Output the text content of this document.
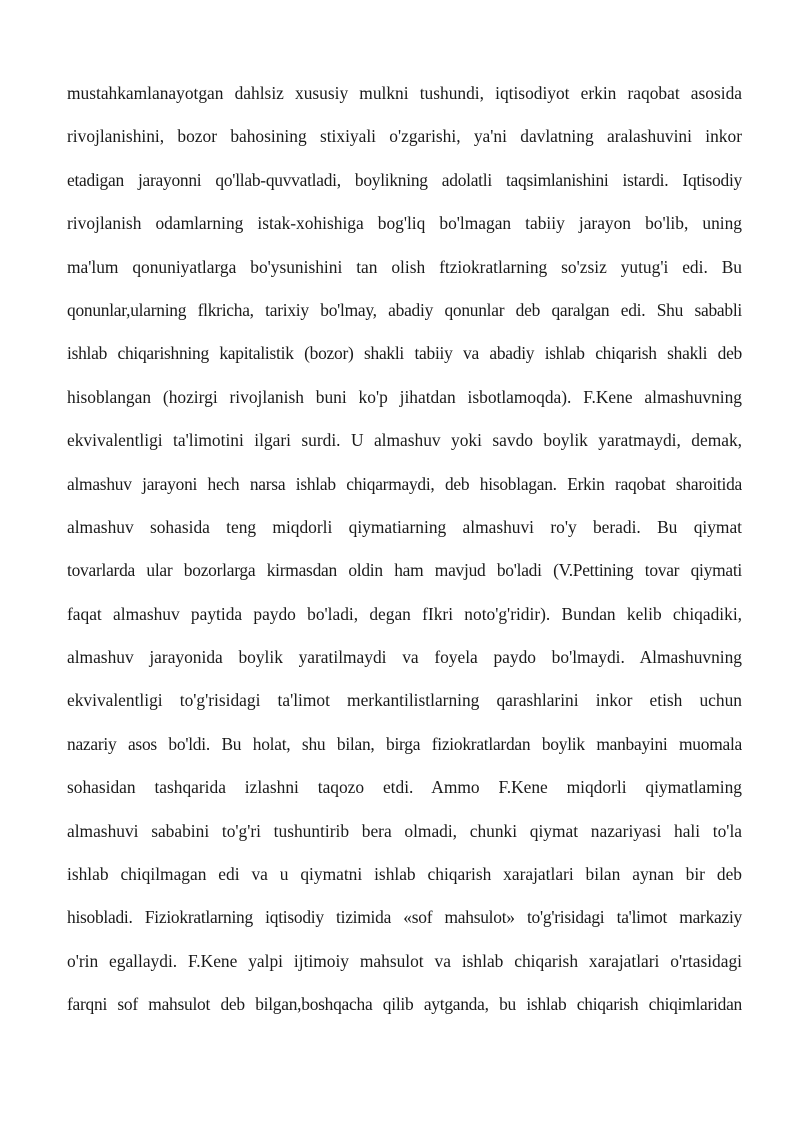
mustahkamlanayotgan dahlsiz xususiy mulkni tushundi, iqtisodiyot erkin raqobat asosida
rivojlanishini, bozor bahosining stixiyali o'zgarishi, ya'ni davlatning aralashuvini inkor
etadigan jarayonni qo'llab-quvvatladi, boylikning adolatli taqsimlanishini istardi. Iqtisodiy
rivojlanish odamlarning istak-xohishiga bog'liq bo'lmagan tabiiy jarayon bo'lib, uning
ma'lum qonuniyatlarga bo'ysunishini tan olish ftziokratlarning so'zsiz yutug'i edi. Bu
qonunlar,ularning flkricha, tarixiy bo'lmay, abadiy qonunlar deb qaralgan edi. Shu sababli
ishlab chiqarishning kapitalistik (bozor) shakli tabiiy va abadiy ishlab chiqarish shakli deb
hisoblangan (hozirgi rivojlanish buni ko'p jihatdan isbotlamoqda). F.Kene almashuvning
ekvivalentligi ta'limotini ilgari surdi. U almashuv yoki savdo boylik yaratmaydi, demak,
almashuv jarayoni hech narsa ishlab chiqarmaydi, deb hisoblagan. Erkin raqobat sharoitida
almashuv sohasida teng miqdorli qiymatiarning almashuvi ro'y beradi. Bu qiymat
tovarlarda ular bozorlarga kirmasdan oldin ham mavjud bo'ladi (V.Pettining tovar qiymati
faqat almashuv paytida paydo bo'ladi, degan fIkri noto'g'ridir). Bundan kelib chiqadiki,
almashuv jarayonida boylik yaratilmaydi va foyela paydo bo'lmaydi. Almashuvning
ekvivalentligi to'g'risidagi ta'limot merkantilistlarning qarashlarini inkor etish uchun
nazariy asos bo'ldi. Bu holat, shu bilan, birga fiziokratlardan boylik manbayini muomala
sohasidan tashqarida izlashni taqozo etdi. Ammo F.Kene miqdorli qiymatlaming
almashuvi sababini to'g'ri tushuntirib bera olmadi, chunki qiymat nazariyasi hali to'la
ishlab chiqilmagan edi va u qiymatni ishlab chiqarish xarajatlari bilan aynan bir deb
hisobladi. Fiziokratlarning iqtisodiy tizimida «sof mahsulot» to'g'risidagi ta'limot markaziy
o'rin egallaydi. F.Kene yalpi ijtimoiy mahsulot va ishlab chiqarish xarajatlari o'rtasidagi
farqni sof mahsulot deb bilgan,boshqacha qilib aytganda, bu ishlab chiqarish chiqimlaridan
